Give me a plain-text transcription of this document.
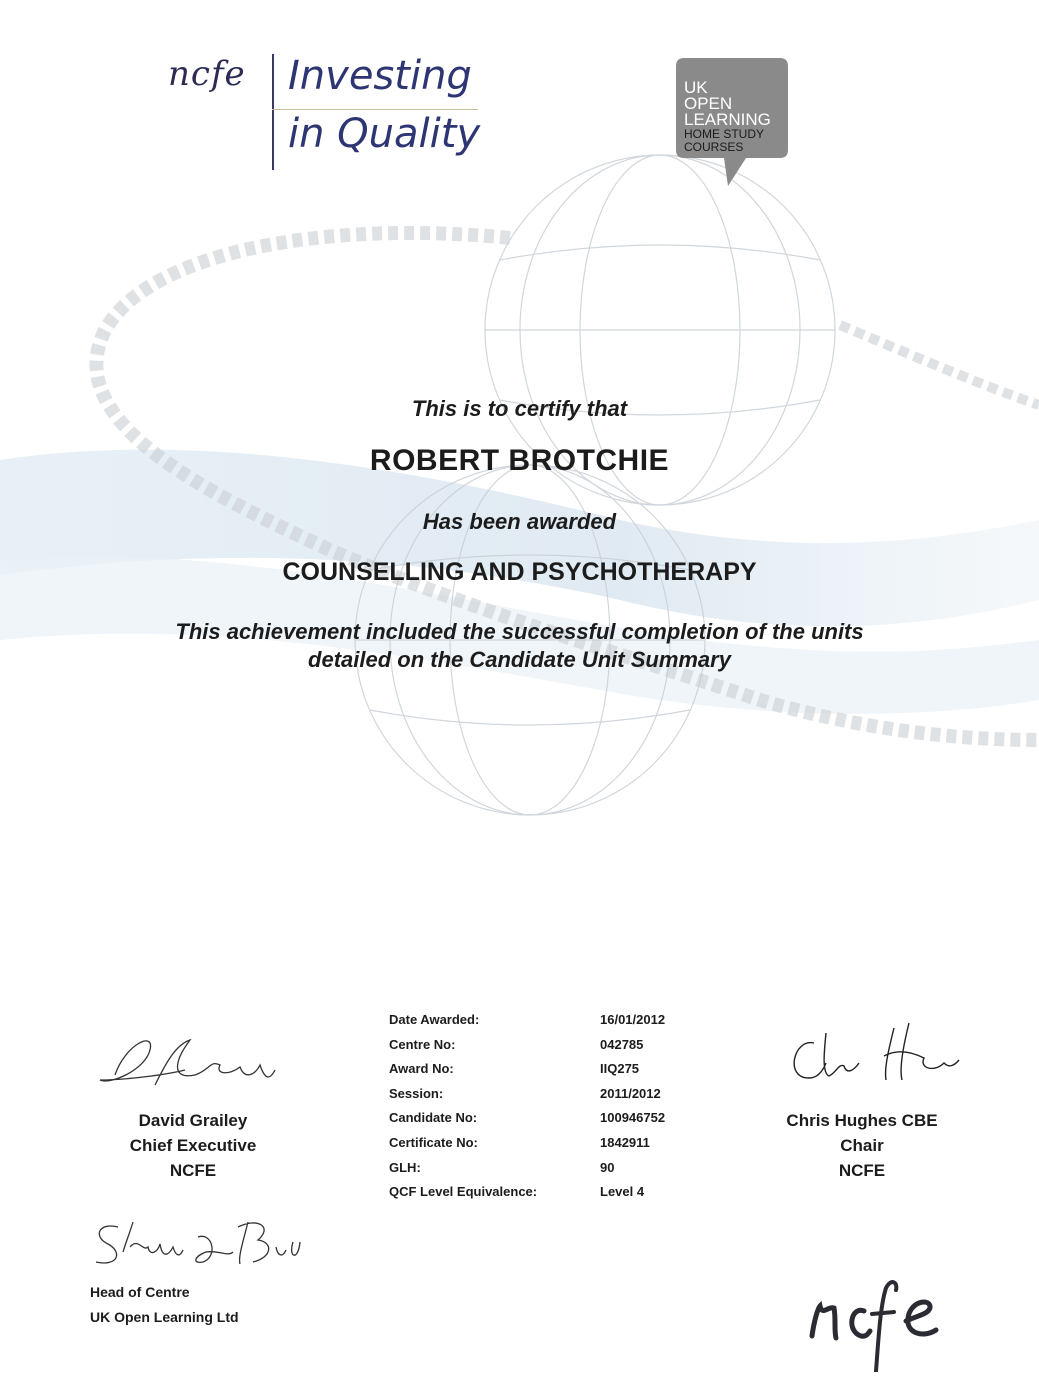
ncfe Investing
in Quality
UK
OPEN
LEARNING
HOME STUDY
COURSES
This is to certify that
ROBERT BROTCHIE
Has been awarded
COUNSELLING AND PSYCHOTHERAPY
This achievement included the successful completion of the units
detailed on the Candidate Unit Summary
David Grailey
Chief Executive
NCFE
Chris Hughes CBE
Chair
NCFE
Date Awarded:	16/01/2012
Centre No:	042785
Award No:	IIQ275
Session:	2011/2012
Candidate No:	100946752
Certificate No:	1842911
GLH:	90
QCF Level Equivalence:	Level 4
Head of Centre
UK Open Learning Ltd
